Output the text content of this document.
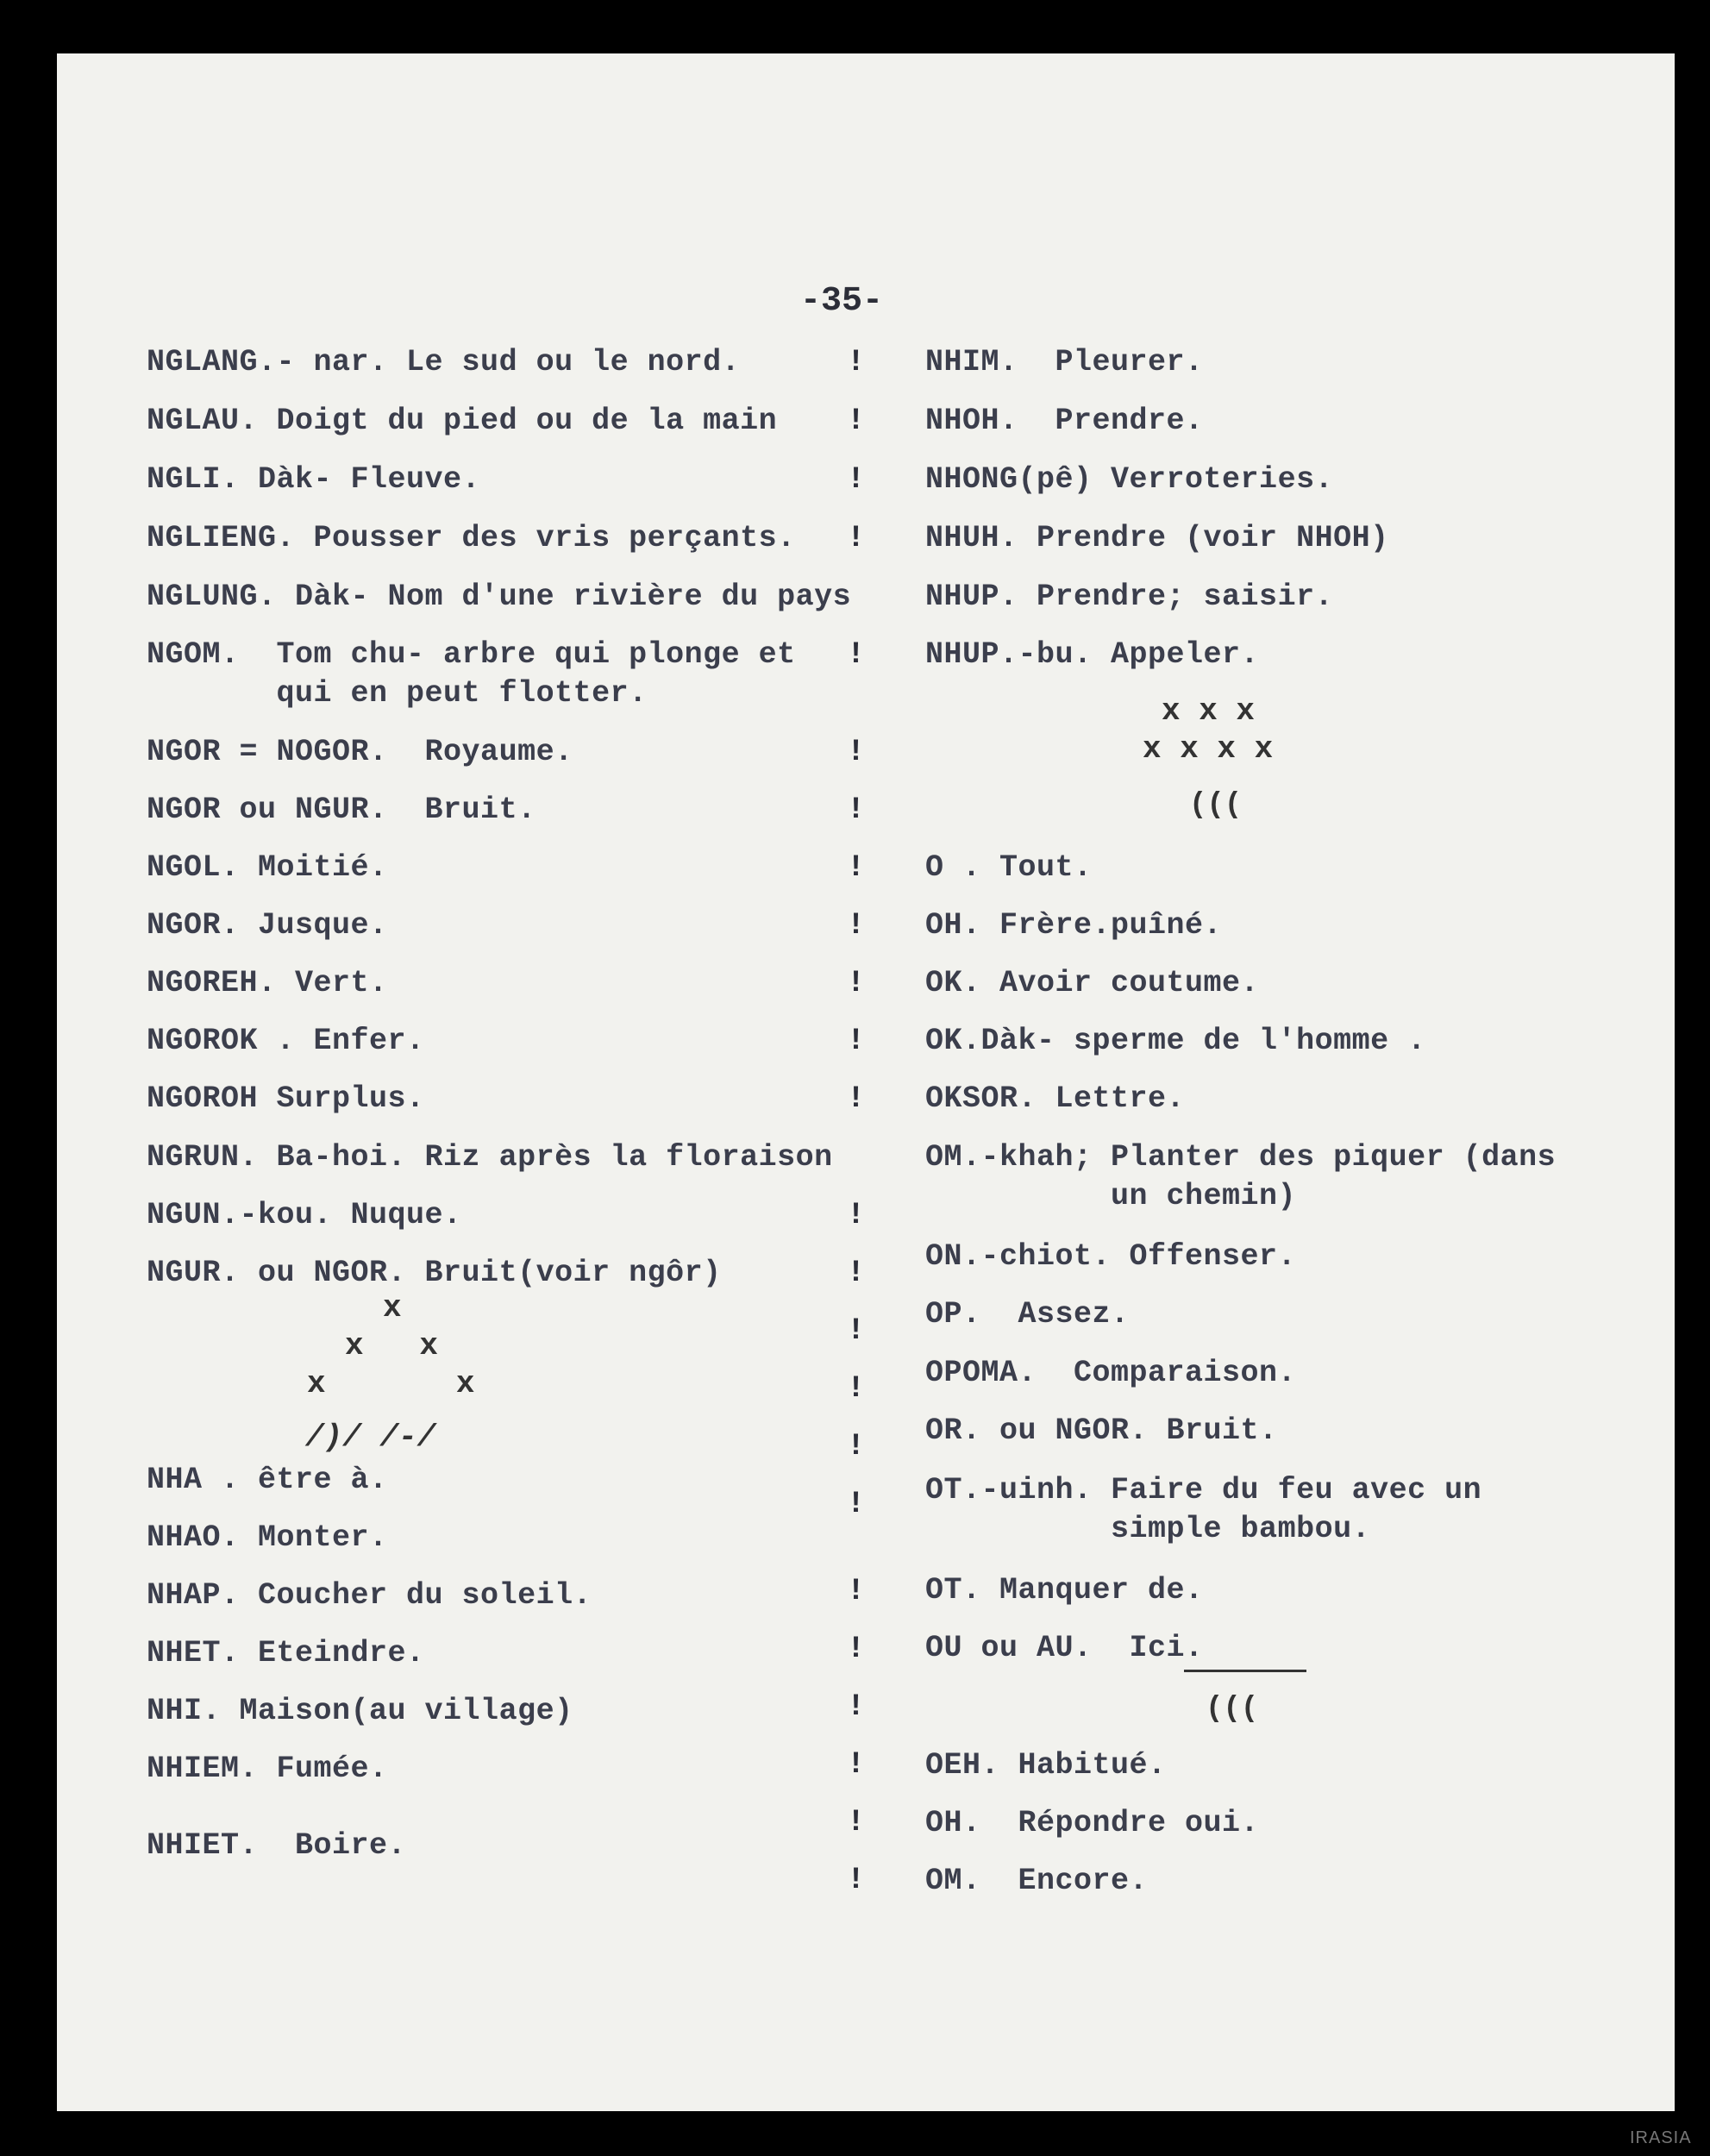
-35-
NGLANG.- nar. Le sud ou le nord.
NGLAU. Doigt du pied ou de la main
NGLI. Dàk- Fleuve.
NGLIENG. Pousser des vris perçants.
NGLUNG. Dàk- Nom d'une rivière du pays
NGOM.  Tom chu- arbre qui plonge et
qui en peut flotter.
NGOR = NOGOR.  Royaume.
NGOR ou NGUR.  Bruit.
NGOL. Moitié.
NGOR. Jusque.
NGOREH. Vert.
NGOROK . Enfer.
NGOROH Surplus.
NGRUN. Ba-hoi. Riz après la floraison
NGUN.-kou. Nuque.
NGUR. ou NGOR. Bruit(voir ngôr)
x
x   x
x       x
/)/ /-/
NHA . être à.
NHAO. Monter.
NHAP. Coucher du soleil.
NHET. Eteindre.
NHI. Maison(au village)
NHIEM. Fumée.
NHIET.  Boire.
!
!
!
!
!
!
!
!
!
!
!
!
!
!
!
!
!
!
!
!
!
!
!
!
NHIM.  Pleurer.
NHOH.  Prendre.
NHONG(pê) Verroteries.
NHUH. Prendre (voir NHOH)
NHUP. Prendre; saisir.
NHUP.-bu. Appeler.
x x x
x x x x
(((
O . Tout.
OH. Frère.puîné.
OK. Avoir coutume.
OK.Dàk- sperme de l'homme .
OKSOR. Lettre.
OM.-khah; Planter des piquer (dans
un chemin)
ON.-chiot. Offenser.
OP.  Assez.
OPOMA.  Comparaison.
OR. ou NGOR. Bruit.
OT.-uinh. Faire du feu avec un
simple bambou.
OT. Manquer de.
OU ou AU.  Ici.
(((
OEH. Habitué.
OH.  Répondre oui.
OM.  Encore.
IRASIA
